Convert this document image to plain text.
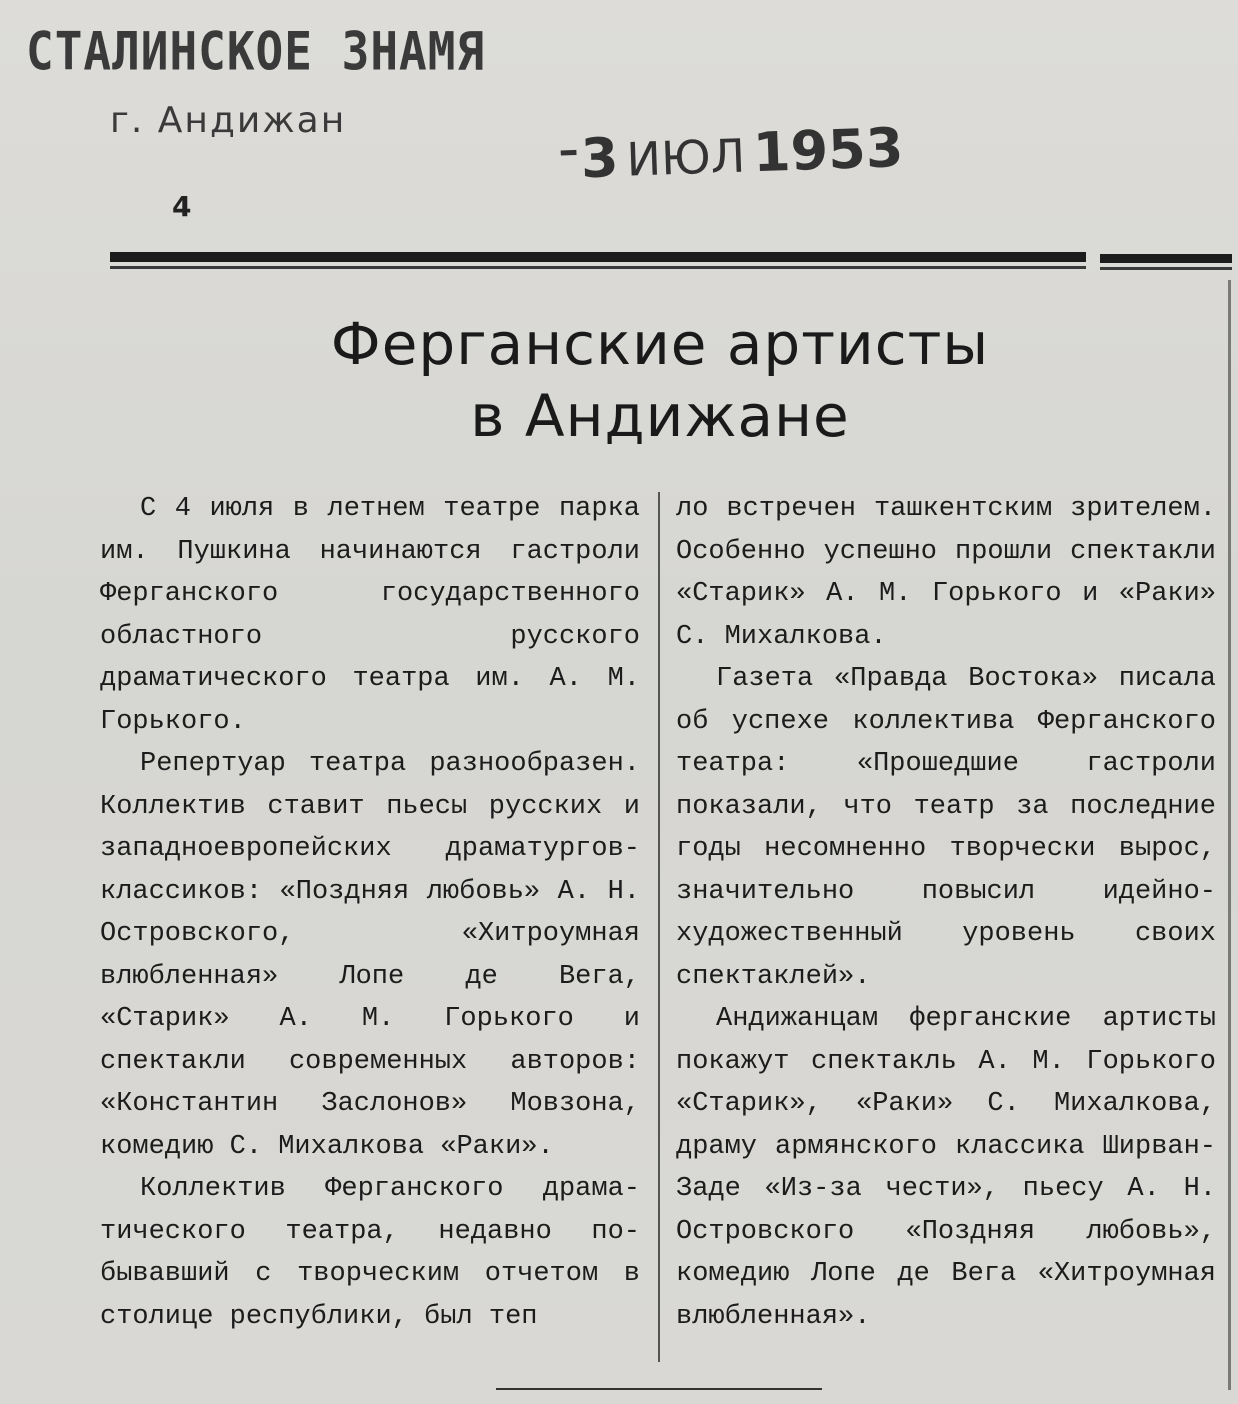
СТАЛИНСКОЕ ЗНАМЯ
г. Андижан
–3 ИЮЛ 1953
4
Ферганские артисты
в Андижане

С 4 июля в летнем театре парка им. Пушкина начинаются гастроли Ферганского государственного областного русского драматического театра им. А. М. Горького.

Репертуар театра разнообразен. Коллектив ставит пьесы русских и западноевропейских драматургов-классиков: «Поздняя любовь» А. Н. Островского, «Хитроумная влюбленная» Лопе де Вега, «Старик» А. М. Горького и спектакли современных авторов: «Константин Заслонов» Мовзона, комедию С. Михалкова «Раки».

Коллектив Ферганского драматического театра, недавно побывавший с творческим отчетом в столице республики, был теп

ло встречен ташкентским зрителем. Особенно успешно прошли спектакли «Старик» А. М. Горького и «Раки» С. Михалкова.

Газета «Правда Востока» писала об успехе коллектива Ферганского театра: «Прошедшие гастроли показали, что театр за последние годы несомненно творчески вырос, значительно повысил идейно-художественный уровень своих спектаклей».

Андижанцам ферганские артисты покажут спектакль А. М. Горького «Старик», «Раки» С. Михалкова, драму армянского классика Ширван-Заде «Из-за чести», пьесу А. Н. Островского «Поздняя любовь», комедию Лопе де Вега «Хитроумная влюбленная».
